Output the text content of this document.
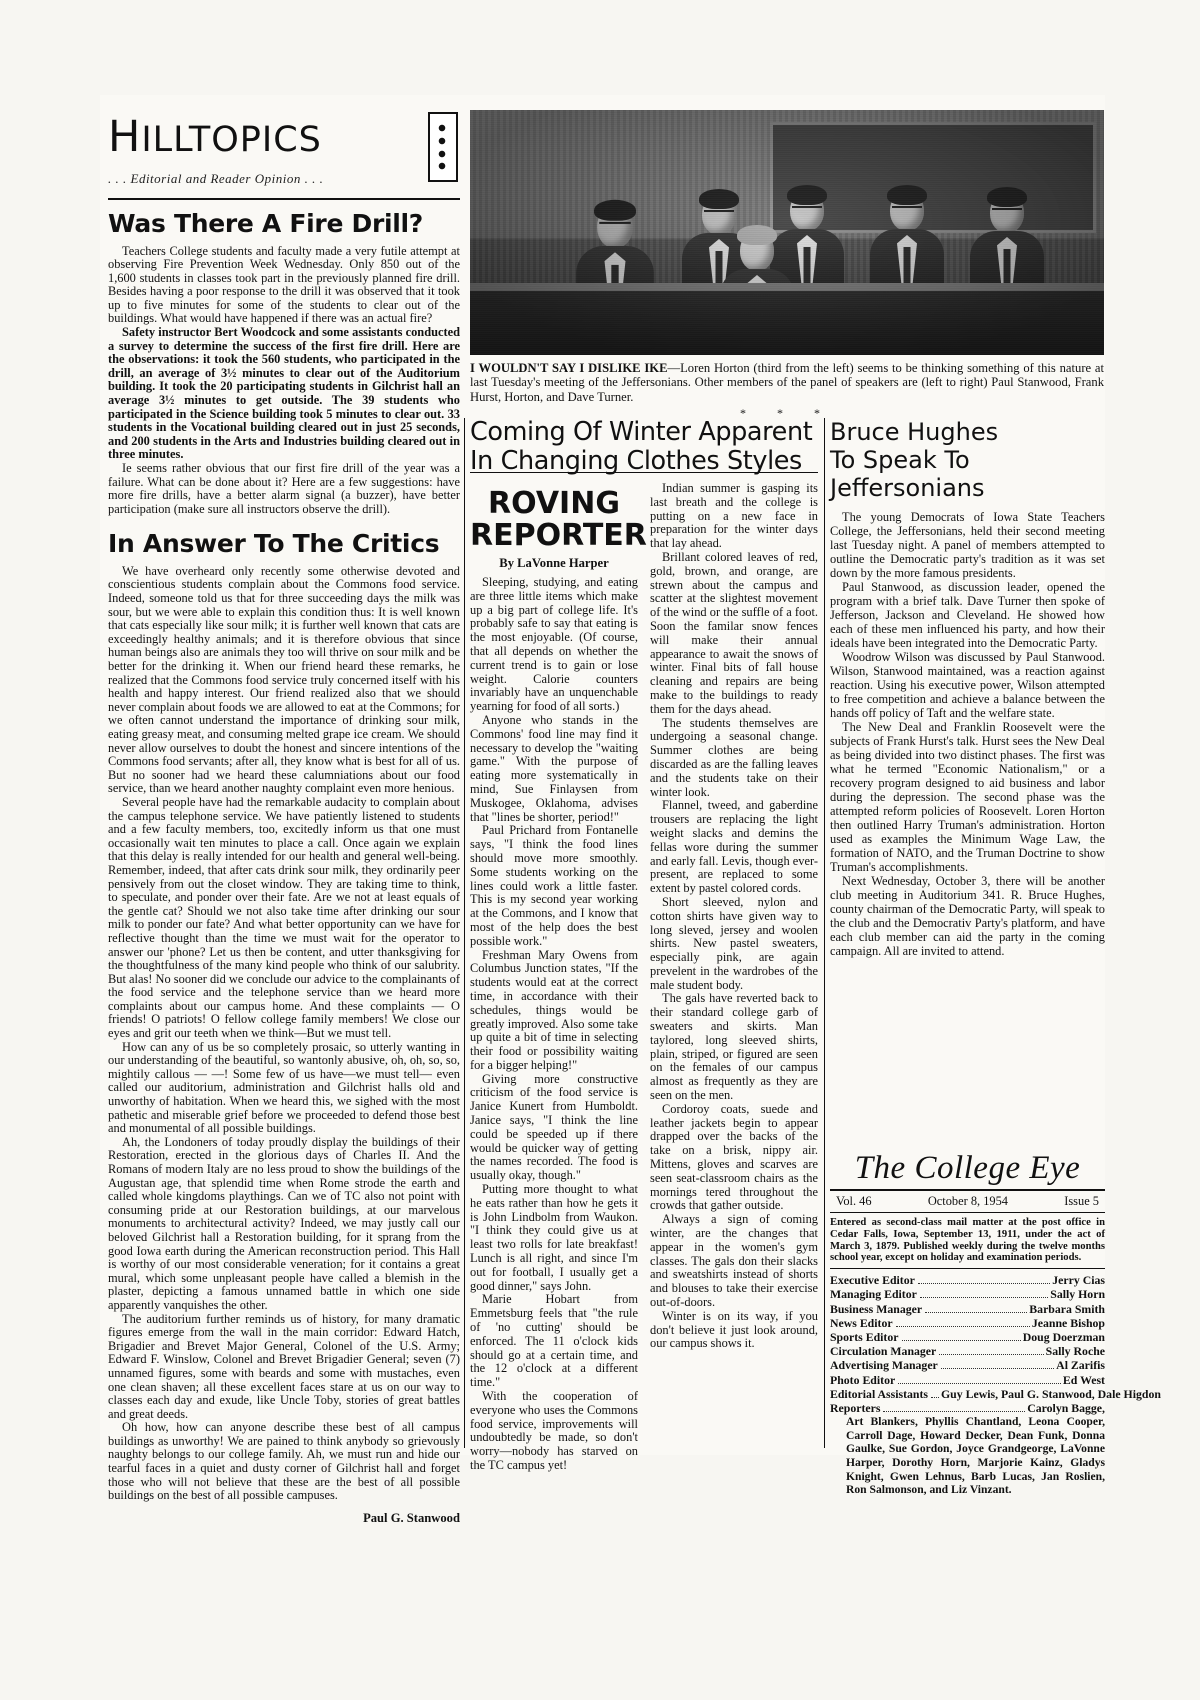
HILLTOPICS
. . . Editorial and Reader Opinion . . .
Was There A Fire Drill?

Teachers College students and faculty made a very futile attempt at observing Fire Prevention Week Wednesday. Only 850 out of the 1,600 students in classes took part in the previously planned fire drill. Besides having a poor response to the drill it was observed that it took up to five minutes for some of the students to clear out of the buildings. What would have happened if there was an actual fire?

Safety instructor Bert Woodcock and some assistants conducted a survey to determine the success of the first fire drill. Here are the observations: it took the 560 students, who participated in the drill, an average of 3½ minutes to clear out of the Auditorium building. It took the 20 participating students in Gilchrist hall an average 3½ minutes to get outside. The 39 students who participated in the Science building took 5 minutes to clear out. 33 students in the Vocational building cleared out in just 25 seconds, and 200 students in the Arts and Industries building cleared out in three minutes.

Ie seems rather obvious that our first fire drill of the year was a failure. What can be done about it? Here are a few suggestions: have more fire drills, have a better alarm signal (a buzzer), have better participation (make sure all instructors observe the drill).

In Answer To The Critics

We have overheard only recently some otherwise devoted and conscientious students complain about the Commons food service. Indeed, someone told us that for three succeeding days the milk was sour, but we were able to explain this condition thus: It is well known that cats especially like sour milk; it is further well known that cats are exceedingly healthy animals; and it is therefore obvious that since human beings also are animals they too will thrive on sour milk and be better for the drinking it. When our friend heard these remarks, he realized that the Commons food service truly concerned itself with his health and happy interest. Our friend realized also that we should never complain about foods we are allowed to eat at the Commons; for we often cannot understand the importance of drinking sour milk, eating greasy meat, and consuming melted grape ice cream. We should never allow ourselves to doubt the honest and sincere intentions of the Commons food servants; after all, they know what is best for all of us. But no sooner had we heard these calumniations about our food service, than we heard another naughty complaint even more henious.

Several people have had the remarkable audacity to complain about the campus telephone service. We have patiently listened to students and a few faculty members, too, excitedly inform us that one must occasionally wait ten minutes to place a call. Once again we explain that this delay is really intended for our health and general well-being. Remember, indeed, that after cats drink sour milk, they ordinarily peer pensively from out the closet window. They are taking time to think, to speculate, and ponder over their fate. Are we not at least equals of the gentle cat? Should we not also take time after drinking our sour milk to ponder our fate? And what better opportunity can we have for reflective thought than the time we must wait for the operator to answer our 'phone? Let us then be content, and utter thanksgiving for the thoughtfulness of the many kind people who think of our salubrity. But alas! No sooner did we conclude our advice to the complainants of the food service and the telephone service than we heard more complaints about our campus home. And these complaints — O friends! O patriots! O fellow college family members! We close our eyes and grit our teeth when we think—But we must tell.

How can any of us be so completely prosaic, so utterly wanting in our understanding of the beautiful, so wantonly abusive, oh, oh, so, so, mightily callous — —! Some few of us have—we must tell— even called our auditorium, administration and Gilchrist halls old and unworthy of habitation. When we heard this, we sighed with the most pathetic and miserable grief before we proceeded to defend those best and monumental of all possible buildings.

Ah, the Londoners of today proudly display the buildings of their Restoration, erected in the glorious days of Charles II. And the Romans of modern Italy are no less proud to show the buildings of the Augustan age, that splendid time when Rome strode the earth and called whole kingdoms playthings. Can we of TC also not point with consuming pride at our Restoration buildings, at our marvelous monuments to architectural activity? Indeed, we may justly call our beloved Gilchrist hall a Restoration building, for it sprang from the good Iowa earth during the American reconstruction period. This Hall is worthy of our most considerable veneration; for it contains a great mural, which some unpleasant people have called a blemish in the plaster, depicting a famous unnamed battle in which one side apparently vanquishes the other.

The auditorium further reminds us of history, for many dramatic figures emerge from the wall in the main corridor: Edward Hatch, Brigadier and Brevet Major General, Colonel of the U.S. Army; Edward F. Winslow, Colonel and Brevet Brigadier General; seven (7) unnamed figures, some with beards and some with mustaches, even one clean shaven; all these excellent faces stare at us on our way to classes each day and exude, like Uncle Toby, stories of great battles and great deeds.

Oh how, how can anyone describe these best of all campus buildings as unworthy! We are pained to think anybody so grievously naughty belongs to our college family. Ah, we must run and hide our tearful faces in a quiet and dusty corner of Gilchrist hall and forget those who will not believe that these are the best of all possible buildings on the best of all possible campuses.

Paul G. Stanwood
I WOULDN'T SAY I DISLIKE IKE—Loren Horton (third from the left) seems to be thinking something of this nature at last Tuesday's meeting of the Jeffersonians. Other members of the panel of speakers are (left to right) Paul Stanwood, Frank Hurst, Horton, and Dave Turner.
* * *
Coming Of Winter Apparent
In Changing Clothes Styles
ROVING
REPORTER
By LaVonne Harper

Sleeping, studying, and eating are three little items which make up a big part of college life. It's probably safe to say that eating is the most enjoyable. (Of course, that all depends on whether the current trend is to gain or lose weight. Calorie counters invariably have an unquenchable yearning for food of all sorts.)

Anyone who stands in the Commons' food line may find it necessary to develop the "waiting game." With the purpose of eating more systematically in mind, Sue Finlaysen from Muskogee, Oklahoma, advises that "lines be shorter, period!"

Paul Prichard from Fontanelle says, "I think the food lines should move more smoothly. Some students working on the lines could work a little faster. This is my second year working at the Commons, and I know that most of the help does the best possible work."

Freshman Mary Owens from Columbus Junction states, "If the students would eat at the correct time, in accordance with their schedules, things would be greatly improved. Also some take up quite a bit of time in selecting their food or possibility waiting for a bigger helping!"

Giving more constructive criticism of the food service is Janice Kunert from Humboldt. Janice says, "I think the line could be speeded up if there would be quicker way of getting the names recorded. The food is usually okay, though."

Putting more thought to what he eats rather than how he gets it is John Lindbolm from Waukon. "I think they could give us at least two rolls for late breakfast! Lunch is all right, and since I'm out for football, I usually get a good dinner," says John.

Marie Hobart from Emmetsburg feels that "the rule of 'no cutting' should be enforced. The 11 o'clock kids should go at a certain time, and the 12 o'clock at a different time."

With the cooperation of everyone who uses the Commons food service, improvements will undoubtedly be made, so don't worry—nobody has starved on the TC campus yet!

Indian summer is gasping its last breath and the college is putting on a new face in preparation for the winter days that lay ahead.

Brillant colored leaves of red, gold, brown, and orange, are strewn about the campus and scatter at the slightest movement of the wind or the suffle of a foot. Soon the familar snow fences will make their annual appearance to await the snows of winter. Final bits of fall house cleaning and repairs are being make to the buildings to ready them for the days ahead.

The students themselves are undergoing a seasonal change. Summer clothes are being discarded as are the falling leaves and the students take on their winter look.

Flannel, tweed, and gaberdine trousers are replacing the light weight slacks and demins the fellas wore during the summer and early fall. Levis, though ever-present, are replaced to some extent by pastel colored cords.

Short sleeved, nylon and cotton shirts have given way to long sleved, jersey and woolen shirts. New pastel sweaters, especially pink, are again prevelent in the wardrobes of the male student body.

The gals have reverted back to their standard college garb of sweaters and skirts. Man taylored, long sleeved shirts, plain, striped, or figured are seen on the females of our campus almost as frequently as they are seen on the men.

Cordoroy coats, suede and leather jackets begin to appear drapped over the backs of the take on a brisk, nippy air. Mittens, gloves and scarves are seen seat-classroom chairs as the mornings tered throughout the crowds that gather outside.

Always a sign of coming winter, are the changes that appear in the women's gym classes. The gals don their slacks and sweatshirts instead of shorts and blouses to take their exercise out-of-doors.

Winter is on its way, if you don't believe it just look around, our campus shows it.

Bruce Hughes
To Speak To
Jeffersonians

The young Democrats of Iowa State Teachers College, the Jeffersonians, held their second meeting last Tuesday night. A panel of members attempted to outline the Democratic party's tradition as it was set down by the more famous presidents.

Paul Stanwood, as discussion leader, opened the program with a brief talk. Dave Turner then spoke of Jefferson, Jackson and Cleveland. He showed how each of these men influenced his party, and how their ideals have been integrated into the Democratic Party.

Woodrow Wilson was discussed by Paul Stanwood. Wilson, Stanwood maintained, was a reaction against reaction. Using his executive power, Wilson attempted to free competition and achieve a balance between the hands off policy of Taft and the welfare state.

The New Deal and Franklin Roosevelt were the subjects of Frank Hurst's talk. Hurst sees the New Deal as being divided into two distinct phases. The first was what he termed "Economic Nationalism," or a recovery program designed to aid business and labor during the depression. The second phase was the attempted reform policies of Roosevelt. Loren Horton then outlined Harry Truman's administration. Horton used as examples the Minimum Wage Law, the formation of NATO, and the Truman Doctrine to show Truman's accomplishments.

Next Wednesday, October 3, there will be another club meeting in Auditorium 341. R. Bruce Hughes, county chairman of the Democratic Party, will speak to the club and the Democrativ Party's platform, and have each club member can aid the party in the coming campaign. All are invited to attend.

The College Eye
Vol. 46	October 8, 1954	Issue 5
Entered as second-class mail matter at the post office in Cedar Falls, Iowa, September 13, 1911, under the act of March 3, 1879. Published weekly during the twelve months school year, except on holiday and examination periods.
Executive Editor	Jerry Cias
Managing Editor	Sally Horn
Business Manager	Barbara Smith
News Editor	Jeanne Bishop
Sports Editor	Doug Doerzman
Circulation Manager	Sally Roche
Advertising Manager	Al Zarifis
Photo Editor	Ed West
Editorial Assistants Guy Lewis, Paul G. Stanwood, Dale Higdon
Reporters	Carolyn Bagge,
Art Blankers, Phyllis Chantland, Leona Cooper, Carroll Dage, Howard Decker, Dean Funk, Donna Gaulke, Sue Gordon, Joyce Grandgeorge, LaVonne Harper, Dorothy Horn, Marjorie Kainz, Gladys Knight, Gwen Lehnus, Barb Lucas, Jan Roslien, Ron Salmonson, and Liz Vinzant.
